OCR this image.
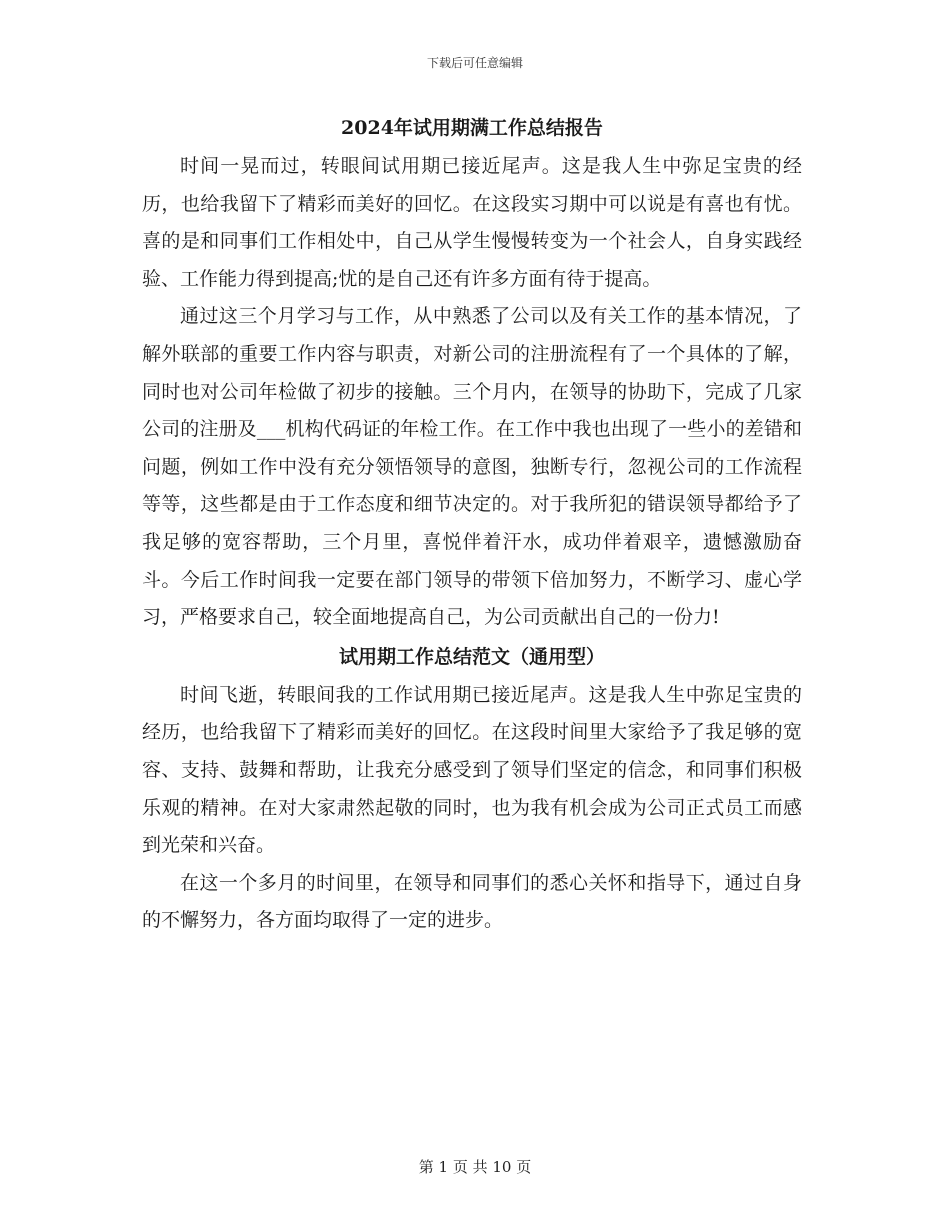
下载后可任意编辑
2024年试用期满工作总结报告

时间一晃而过，转眼间试用期已接近尾声。这是我人生中弥足宝贵的经历，也给我留下了精彩而美好的回忆。在这段实习期中可以说是有喜也有忧。喜的是和同事们工作相处中，自己从学生慢慢转变为一个社会人，自身实践经验、工作能力得到提高;忧的是自己还有许多方面有待于提高。

通过这三个月学习与工作，从中熟悉了公司以及有关工作的基本情况，了解外联部的重要工作内容与职责，对新公司的注册流程有了一个具体的了解，同时也对公司年检做了初步的接触。三个月内，在领导的协助下，完成了几家公司的注册及___机构代码证的年检工作。在工作中我也出现了一些小的差错和问题，例如工作中没有充分领悟领导的意图，独断专行，忽视公司的工作流程等等，这些都是由于工作态度和细节决定的。对于我所犯的错误领导都给予了我足够的宽容帮助，三个月里，喜悦伴着汗水，成功伴着艰辛，遗憾激励奋斗。今后工作时间我一定要在部门领导的带领下倍加努力，不断学习、虚心学习，严格要求自己，较全面地提高自己，为公司贡献出自己的一份力!

试用期工作总结范文（通用型）

时间飞逝，转眼间我的工作试用期已接近尾声。这是我人生中弥足宝贵的经历，也给我留下了精彩而美好的回忆。在这段时间里大家给予了我足够的宽容、支持、鼓舞和帮助，让我充分感受到了领导们坚定的信念，和同事们积极乐观的精神。在对大家肃然起敬的同时，也为我有机会成为公司正式员工而感到光荣和兴奋。

在这一个多月的时间里，在领导和同事们的悉心关怀和指导下，通过自身的不懈努力，各方面均取得了一定的进步。

第 1 页 共 10 页
